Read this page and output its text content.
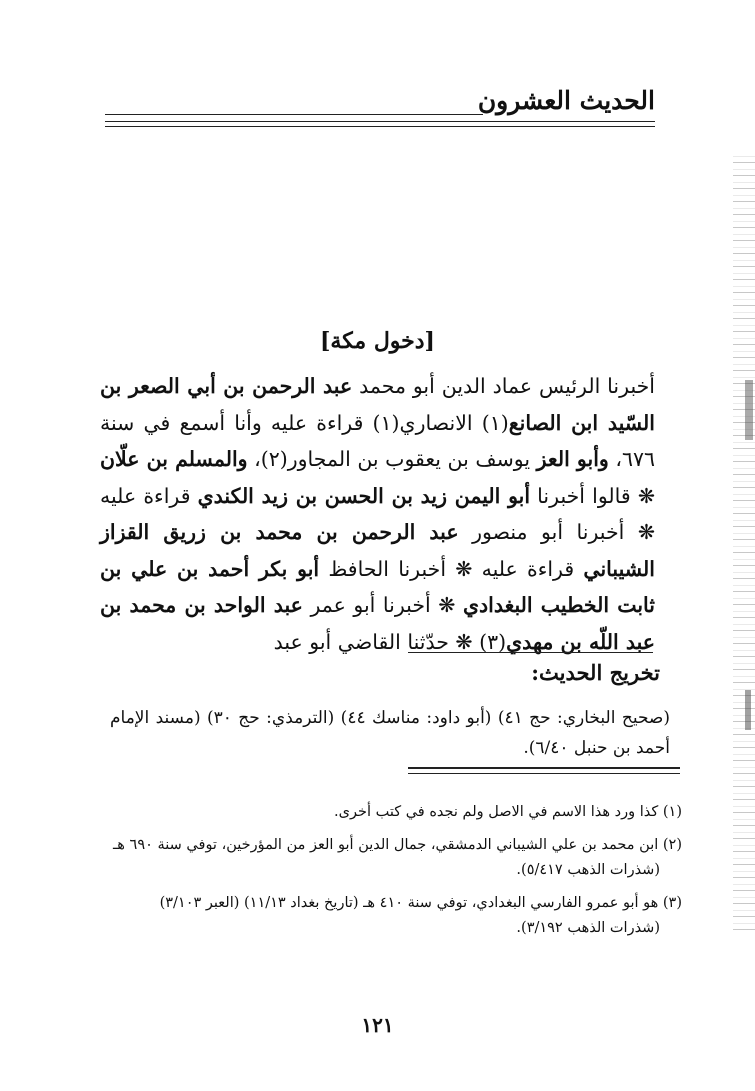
الحديث العشرون
[دخول مكة]

أخبرنا الرئيس عماد الدين أبو محمد عبد الرحمن بن أبي الصعر بن السّيد ابن الصانع(١) الانصاري(١) قراءة عليه وأنا أسمع في سنة ٦٧٦، وأبو العز يوسف بن يعقوب بن المجاور(٢)، والمسلم بن علّان ❋ قالوا أخبرنا أبو اليمن زيد بن الحسن بن زيد الكندي قراءة عليه ❋ أخبرنا أبو منصور عبد الرحمن بن محمد بن زريق القزاز الشيباني قراءة عليه ❋ أخبرنا الحافظ أبو بكر أحمد بن علي بن ثابت الخطيب البغدادي ❋ أخبرنا أبو عمر عبد الواحد بن محمد بن عبد اللّه بن مهدي(٣) ❋ حدّثنا القاضي أبو عبد

تخريج الحديث:

(صحيح البخاري: حج ٤١) (أبو داود: مناسك ٤٤) (الترمذي: حج ٣٠) (مسند الإمام أحمد بن حنبل ٦/٤٠).

(١) كذا ورد هذا الاسم في الاصل ولم نجده في كتب أخرى.

(٢) ابن محمد بن علي الشيباني الدمشقي، جمال الدين أبو العز من المؤرخين، توفي سنة ٦٩٠ هـ
(شذرات الذهب ٥/٤١٧).

(٣) هو أبو عمرو الفارسي البغدادي، توفي سنة ٤١٠ هـ (تاريخ بغداد ١١/١٣) (العبر ٣/١٠٣)
(شذرات الذهب ٣/١٩٢).

١٢١
